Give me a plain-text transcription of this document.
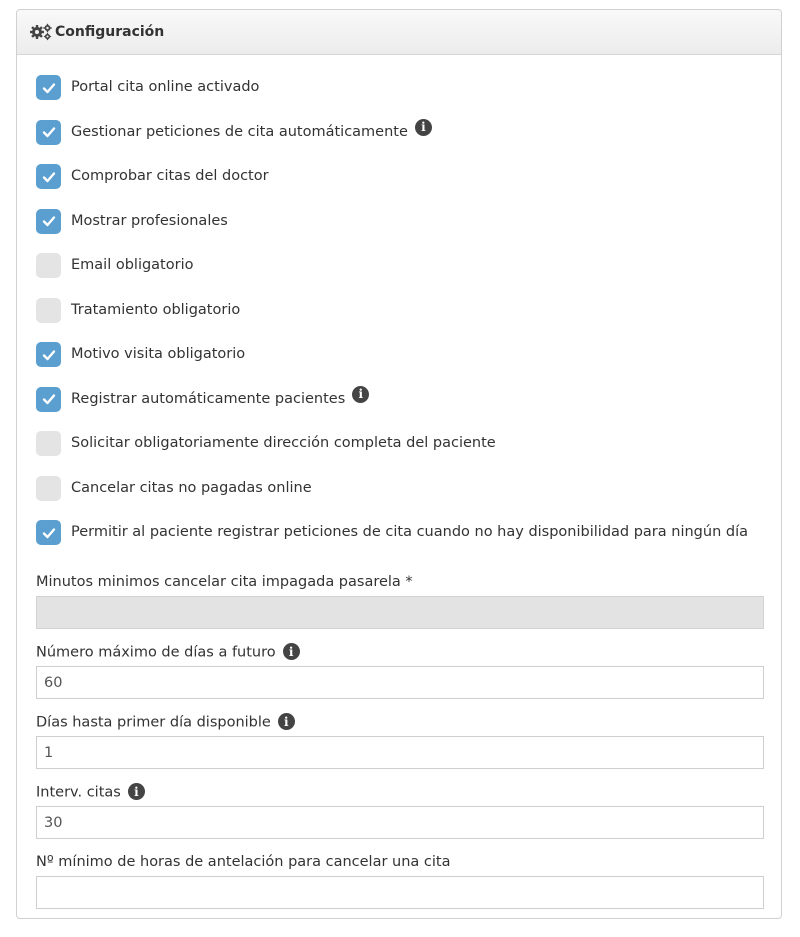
Configuración
Portal cita online activado
Gestionar peticiones de cita automáticamente	i
Comprobar citas del doctor
Mostrar profesionales
Email obligatorio
Tratamiento obligatorio
Motivo visita obligatorio
Registrar automáticamente pacientes	i
Solicitar obligatoriamente dirección completa del paciente
Cancelar citas no pagadas online
Permitir al paciente registrar peticiones de cita cuando no hay disponibilidad para ningún día
Minutos minimos cancelar cita impagada pasarela *
Número máximo de días a futuro i
60
Días hasta primer día disponible i
1
Interv. citas i
30
Nº mínimo de horas de antelación para cancelar una cita
